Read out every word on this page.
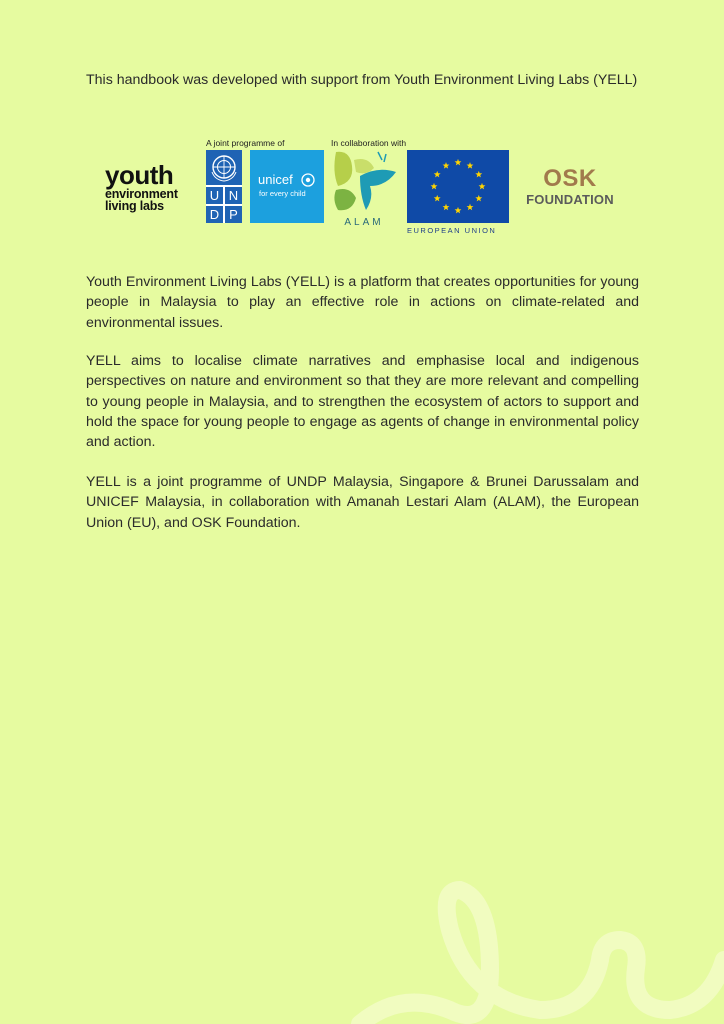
This handbook was developed with support from Youth Environment Living Labs (YELL)

A joint programme of	In collaboration with
youth
environment
living labs
U N
D P
unicef
for every child
ALAM
EUROPEAN UNION
OSK
FOUNDATION

Youth Environment Living Labs (YELL) is a platform that creates opportunities for young people in Malaysia to play an effective role in actions on climate-related and environmental issues.

YELL aims to localise climate narratives and emphasise local and indigenous perspectives on nature and environment so that they are more relevant and compelling to young people in Malaysia, and to strengthen the ecosystem of actors to support and hold the space for young people to engage as agents of change in environmental policy and action.

YELL is a joint programme of UNDP Malaysia, Singapore & Brunei Darussalam and UNICEF Malaysia, in collaboration with Amanah Lestari Alam (ALAM), the European Union (EU), and OSK Foundation.
